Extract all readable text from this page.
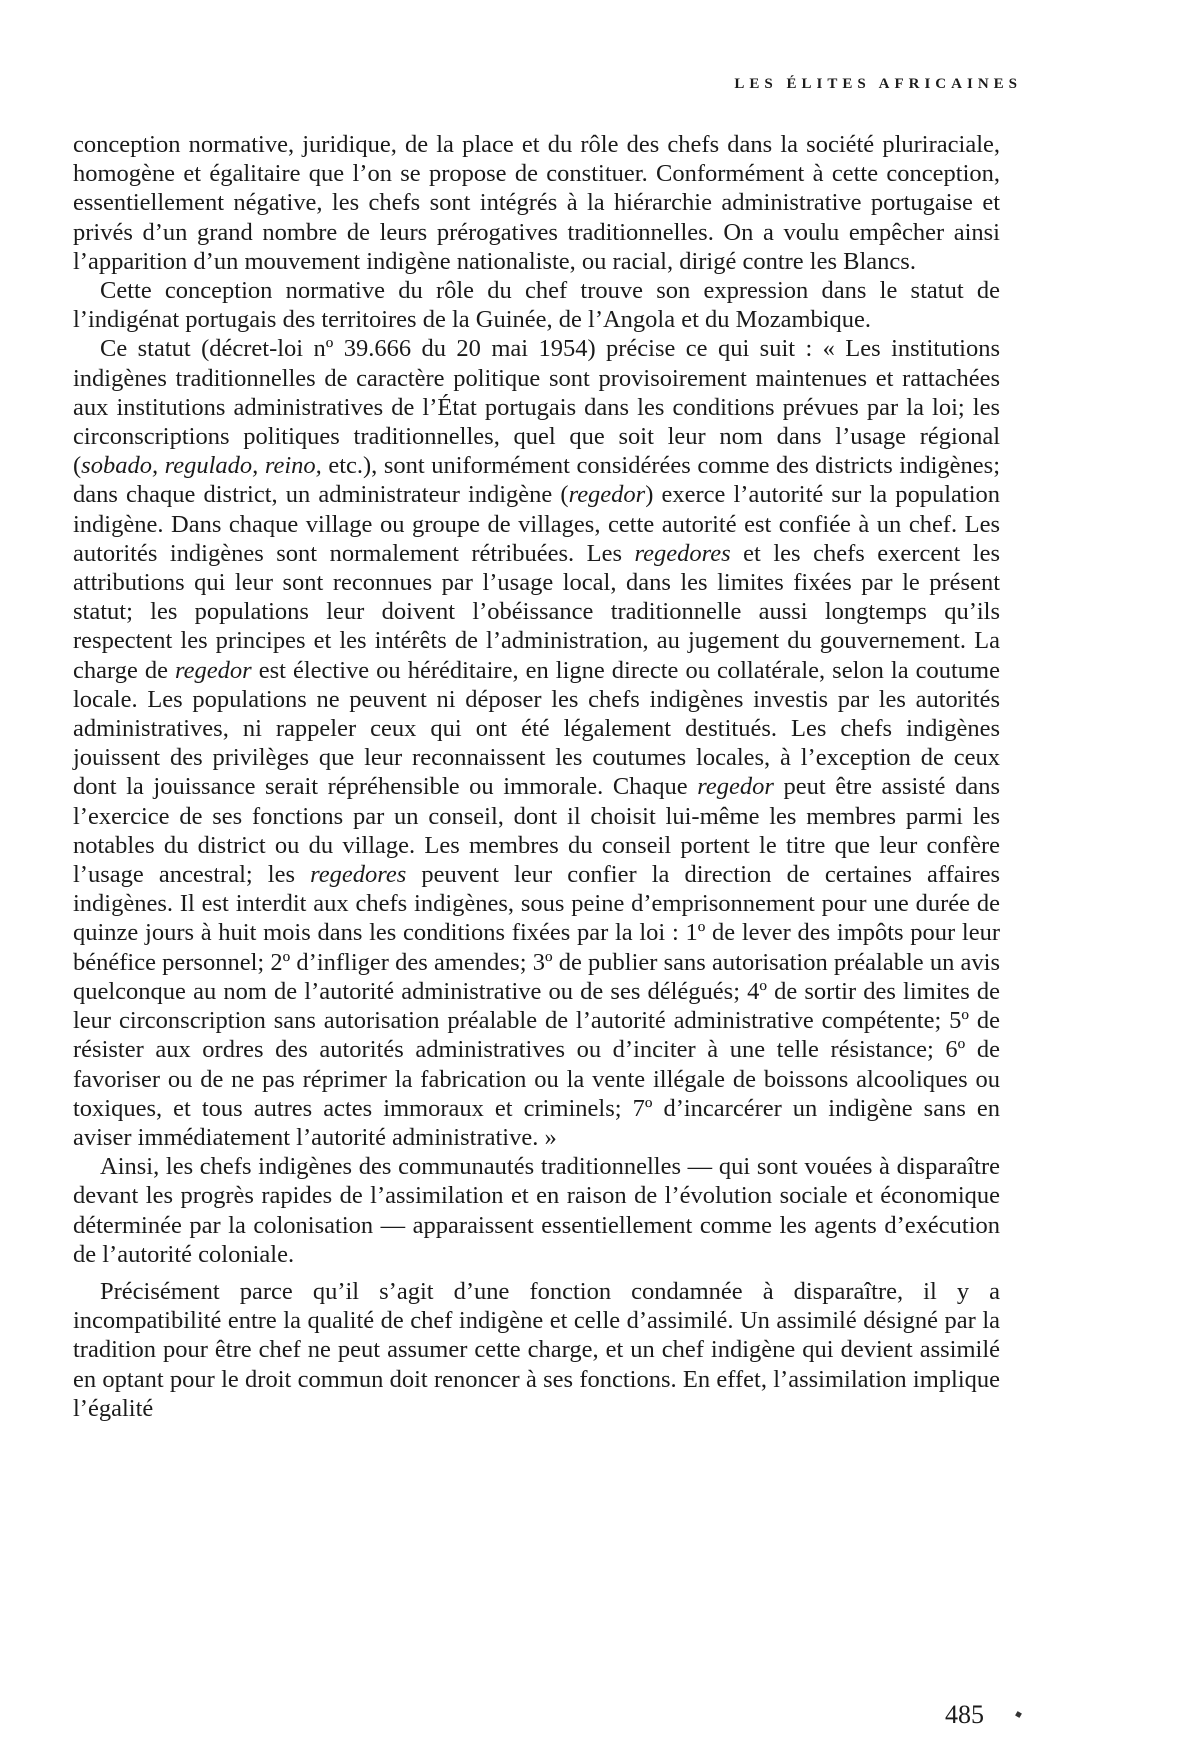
LES ÉLITES AFRICAINES

conception normative, juridique, de la place et du rôle des chefs dans la société pluriraciale, homogène et égalitaire que l’on se propose de constituer. Conformément à cette conception, essentiellement négative, les chefs sont intégrés à la hiérarchie administrative portugaise et privés d’un grand nombre de leurs prérogatives traditionnelles. On a voulu empêcher ainsi l’apparition d’un mouvement indigène nationaliste, ou racial, dirigé contre les Blancs.

Cette conception normative du rôle du chef trouve son expression dans le statut de l’indigénat portugais des territoires de la Guinée, de l’Angola et du Mozambique.

Ce statut (décret-loi nº 39.666 du 20 mai 1954) précise ce qui suit : « Les institutions indigènes traditionnelles de caractère politique sont provisoirement maintenues et rattachées aux institutions administratives de l’État portugais dans les conditions prévues par la loi; les circonscriptions politiques traditionnelles, quel que soit leur nom dans l’usage régional (sobado, regulado, reino, etc.), sont uniformément considérées comme des districts indigènes; dans chaque district, un administrateur indigène (regedor) exerce l’autorité sur la population indigène. Dans chaque village ou groupe de villages, cette autorité est confiée à un chef. Les autorités indigènes sont normalement rétribuées. Les regedores et les chefs exercent les attributions qui leur sont reconnues par l’usage local, dans les limites fixées par le présent statut; les populations leur doivent l’obéissance traditionnelle aussi longtemps qu’ils respectent les principes et les intérêts de l’administration, au jugement du gouvernement. La charge de regedor est élective ou héréditaire, en ligne directe ou collatérale, selon la coutume locale. Les populations ne peuvent ni déposer les chefs indigènes investis par les autorités administratives, ni rappeler ceux qui ont été légalement destitués. Les chefs indigènes jouissent des privilèges que leur reconnaissent les coutumes locales, à l’exception de ceux dont la jouissance serait répréhensible ou immorale. Chaque regedor peut être assisté dans l’exercice de ses fonctions par un conseil, dont il choisit lui-même les membres parmi les notables du district ou du village. Les membres du conseil portent le titre que leur confère l’usage ancestral; les regedores peuvent leur confier la direction de certaines affaires indigènes. Il est interdit aux chefs indigènes, sous peine d’emprisonnement pour une durée de quinze jours à huit mois dans les conditions fixées par la loi : 1º de lever des impôts pour leur bénéfice personnel; 2º d’infliger des amendes; 3º de publier sans autorisation préalable un avis quelconque au nom de l’autorité administrative ou de ses délégués; 4º de sortir des limites de leur circonscription sans autorisation préalable de l’autorité administrative compétente; 5º de résister aux ordres des autorités administratives ou d’inciter à une telle résistance; 6º de favoriser ou de ne pas réprimer la fabrication ou la vente illégale de boissons alcooliques ou toxiques, et tous autres actes immoraux et criminels; 7º d’incarcérer un indigène sans en aviser immédiatement l’autorité administrative. »

Ainsi, les chefs indigènes des communautés traditionnelles — qui sont vouées à disparaître devant les progrès rapides de l’assimilation et en raison de l’évolution sociale et économique déterminée par la colonisation — apparaissent essentiellement comme les agents d’exécution de l’autorité coloniale.

Précisément parce qu’il s’agit d’une fonction condamnée à disparaître, il y a incompatibilité entre la qualité de chef indigène et celle d’assimilé. Un assimilé désigné par la tradition pour être chef ne peut assumer cette charge, et un chef indigène qui devient assimilé en optant pour le droit commun doit renoncer à ses fonctions. En effet, l’assimilation implique l’égalité

485
